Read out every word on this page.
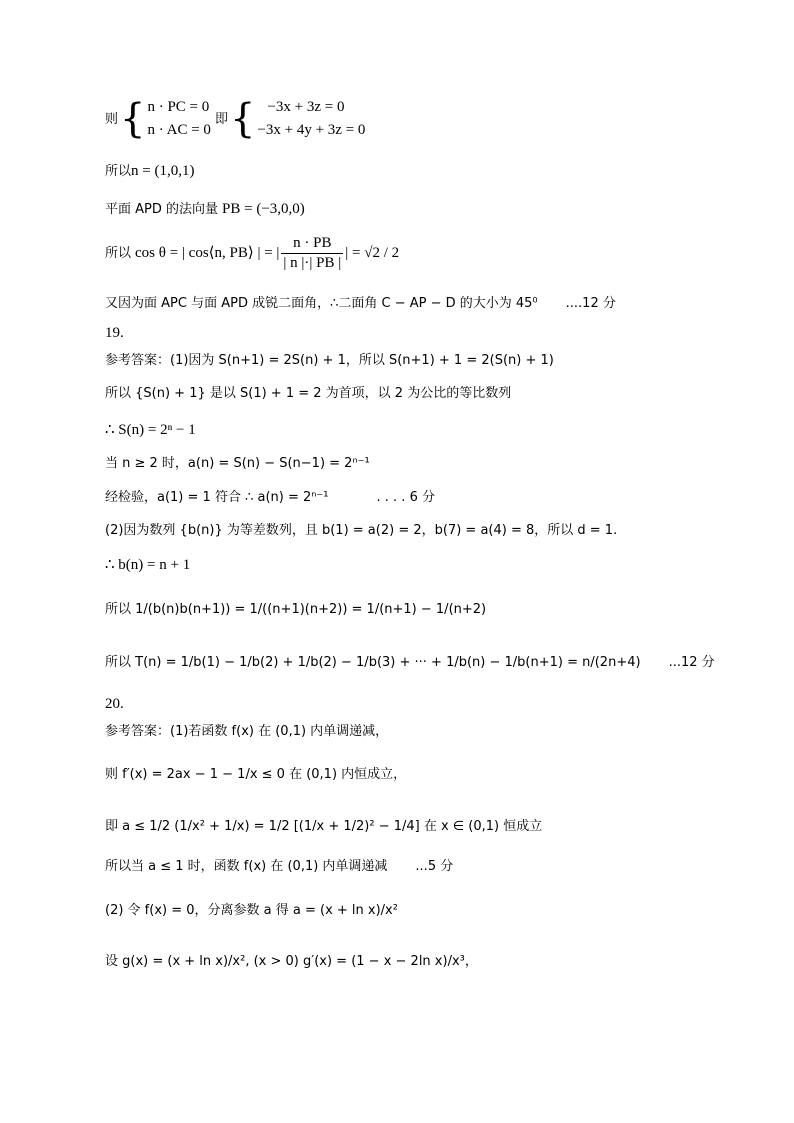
则 { n · PC = 0
n · AC = 0
即 { −3x + 3z = 0
−3x + 4y + 3z = 0
所以 n = (1,0,1)
平面 APD 的法向量 PB = (−3,0,0)
所以 cos θ = | cos⟨n, PB⟩ | = | $\frac{n \cdot PB}{| n |\cdot| PB |}$ | = √2 / 2
又因为面 APC 与面 APD 成锐二面角，∴二面角 C − AP − D 的大小为 45⁰ ....12 分
19.
参考答案：(1)因为 S(n+1) = 2S(n) + 1，所以 S(n+1) + 1 = 2(S(n) + 1)
所以 {S(n) + 1} 是以 S(1) + 1 = 2 为首项，以 2 为公比的等比数列
∴ S(n) = 2ⁿ − 1
当 n ≥ 2 时，a(n) = S(n) − S(n−1) = 2ⁿ⁻¹
经检验，a(1) = 1 符合 ∴ a(n) = 2ⁿ⁻¹	. . . . 6 分
(2)因为数列 {b(n)} 为等差数列，且 b(1) = a(2) = 2，b(7) = a(4) = 8，所以 d = 1.
∴ b(n) = n + 1
所以 1/(b(n)b(n+1)) = 1/((n+1)(n+2)) = 1/(n+1) − 1/(n+2)
所以 T(n) = 1/b(1) − 1/b(2) + 1/b(2) − 1/b(3) + ··· + 1/b(n) − 1/b(n+1) = n/(2n+4) ...12 分
20.
参考答案：(1)若函数 f(x) 在 (0,1) 内单调递减，
则 f′(x) = 2ax − 1 − 1/x ≤ 0 在 (0,1) 内恒成立，
即 a ≤ 1/2 (1/x² + 1/x) = 1/2 [(1/x + 1/2)² − 1/4] 在 x ∈ (0,1) 恒成立
所以当 a ≤ 1 时，函数 f(x) 在 (0,1) 内单调递减 ...5 分
(2) 令 f(x) = 0，分离参数 a 得 a = (x + ln x)/x²
设 g(x) = (x + ln x)/x², (x > 0) g′(x) = (1 − x − 2ln x)/x³，
